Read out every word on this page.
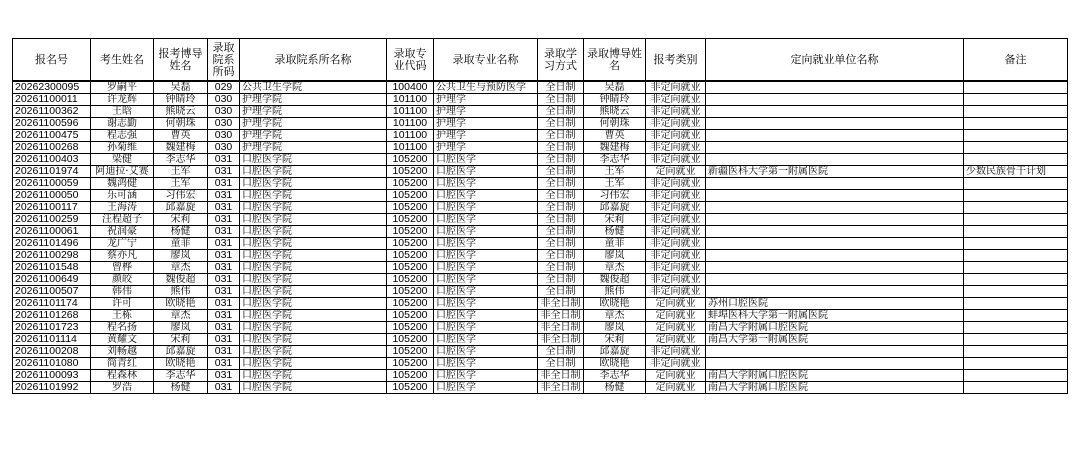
报名号	考生姓名	报考博导姓名	录取院系所码	录取院系所名称	录取专业代码	录取专业名称	录取学习方式	录取博导姓名	报考类别	定向就业单位名称	备注
20262300095	罗嗣平	吴磊	029	公共卫生学院	100400	公共卫生与预防医学	全日制	吴磊	非定向就业		
20261100011	许龙辉	钟睛玲	030	护理学院	101100	护理学	全日制	钟睛玲	非定向就业		
20261100362	王晗	熊晓云	030	护理学院	101100	护理学	全日制	熊晓云	非定向就业		
20261100596	谢志勤	何朝珠	030	护理学院	101100	护理学	全日制	何朝珠	非定向就业		
20261100475	程志强	曹英	030	护理学院	101100	护理学	全日制	曹英	非定向就业		
20261100268	孙菊维	魏建梅	030	护理学院	101100	护理学	全日制	魏建梅	非定向就业		
20261100403	梁健	李志华	031	口腔医学院	105200	口腔医学	全日制	李志华	非定向就业		
20261101974	阿迪拉·艾赛	王军	031	口腔医学院	105200	口腔医学	全日制	王军	定向就业	新疆医科大学第一附属医院	少数民族骨干计划
20261100059	魏鸿健	王军	031	口腔医学院	105200	口腔医学	全日制	王军	非定向就业		
20261100050	乐可涵	习伟宏	031	口腔医学院	105200	口腔医学	全日制	习伟宏	非定向就业		
20261100117	王海涛	邱嘉旋	031	口腔医学院	105200	口腔医学	全日制	邱嘉旋	非定向就业		
20261100259	汪程超子	宋莉	031	口腔医学院	105200	口腔医学	全日制	宋莉	非定向就业		
20261100061	祝润豪	杨健	031	口腔医学院	105200	口腔医学	全日制	杨健	非定向就业		
20261101496	龙广宁	童菲	031	口腔医学院	105200	口腔医学	全日制	童菲	非定向就业		
20261100298	蔡亦凡	廖岚	031	口腔医学院	105200	口腔医学	全日制	廖岚	非定向就业		
20261101548	曾桦	章杰	031	口腔医学院	105200	口腔医学	全日制	章杰	非定向就业		
20261100649	颜皎	魏俊超	031	口腔医学院	105200	口腔医学	全日制	魏俊超	非定向就业		
20261100507	韩伟	熊伟	031	口腔医学院	105200	口腔医学	全日制	熊伟	非定向就业		
20261101174	许可	欧晓艳	031	口腔医学院	105200	口腔医学	非全日制	欧晓艳	定向就业	苏州口腔医院	
20261101268	王栋	章杰	031	口腔医学院	105200	口腔医学	非全日制	章杰	定向就业	蚌埠医科大学第一附属医院	
20261101723	程名扬	廖岚	031	口腔医学院	105200	口腔医学	非全日制	廖岚	定向就业	南昌大学附属口腔医院	
20261101114	黄耀文	宋莉	031	口腔医学院	105200	口腔医学	非全日制	宋莉	定向就业	南昌大学第一附属医院	
20261100208	刘畅越	邱嘉旋	031	口腔医学院	105200	口腔医学	全日制	邱嘉旋	非定向就业		
20261101080	简青红	欧晓艳	031	口腔医学院	105200	口腔医学	全日制	欧晓艳	非定向就业		
20261100093	程森林	李志华	031	口腔医学院	105200	口腔医学	非全日制	李志华	定向就业	南昌大学附属口腔医院	
20261101992	罗浩	杨健	031	口腔医学院	105200	口腔医学	非全日制	杨健	定向就业	南昌大学附属口腔医院	
